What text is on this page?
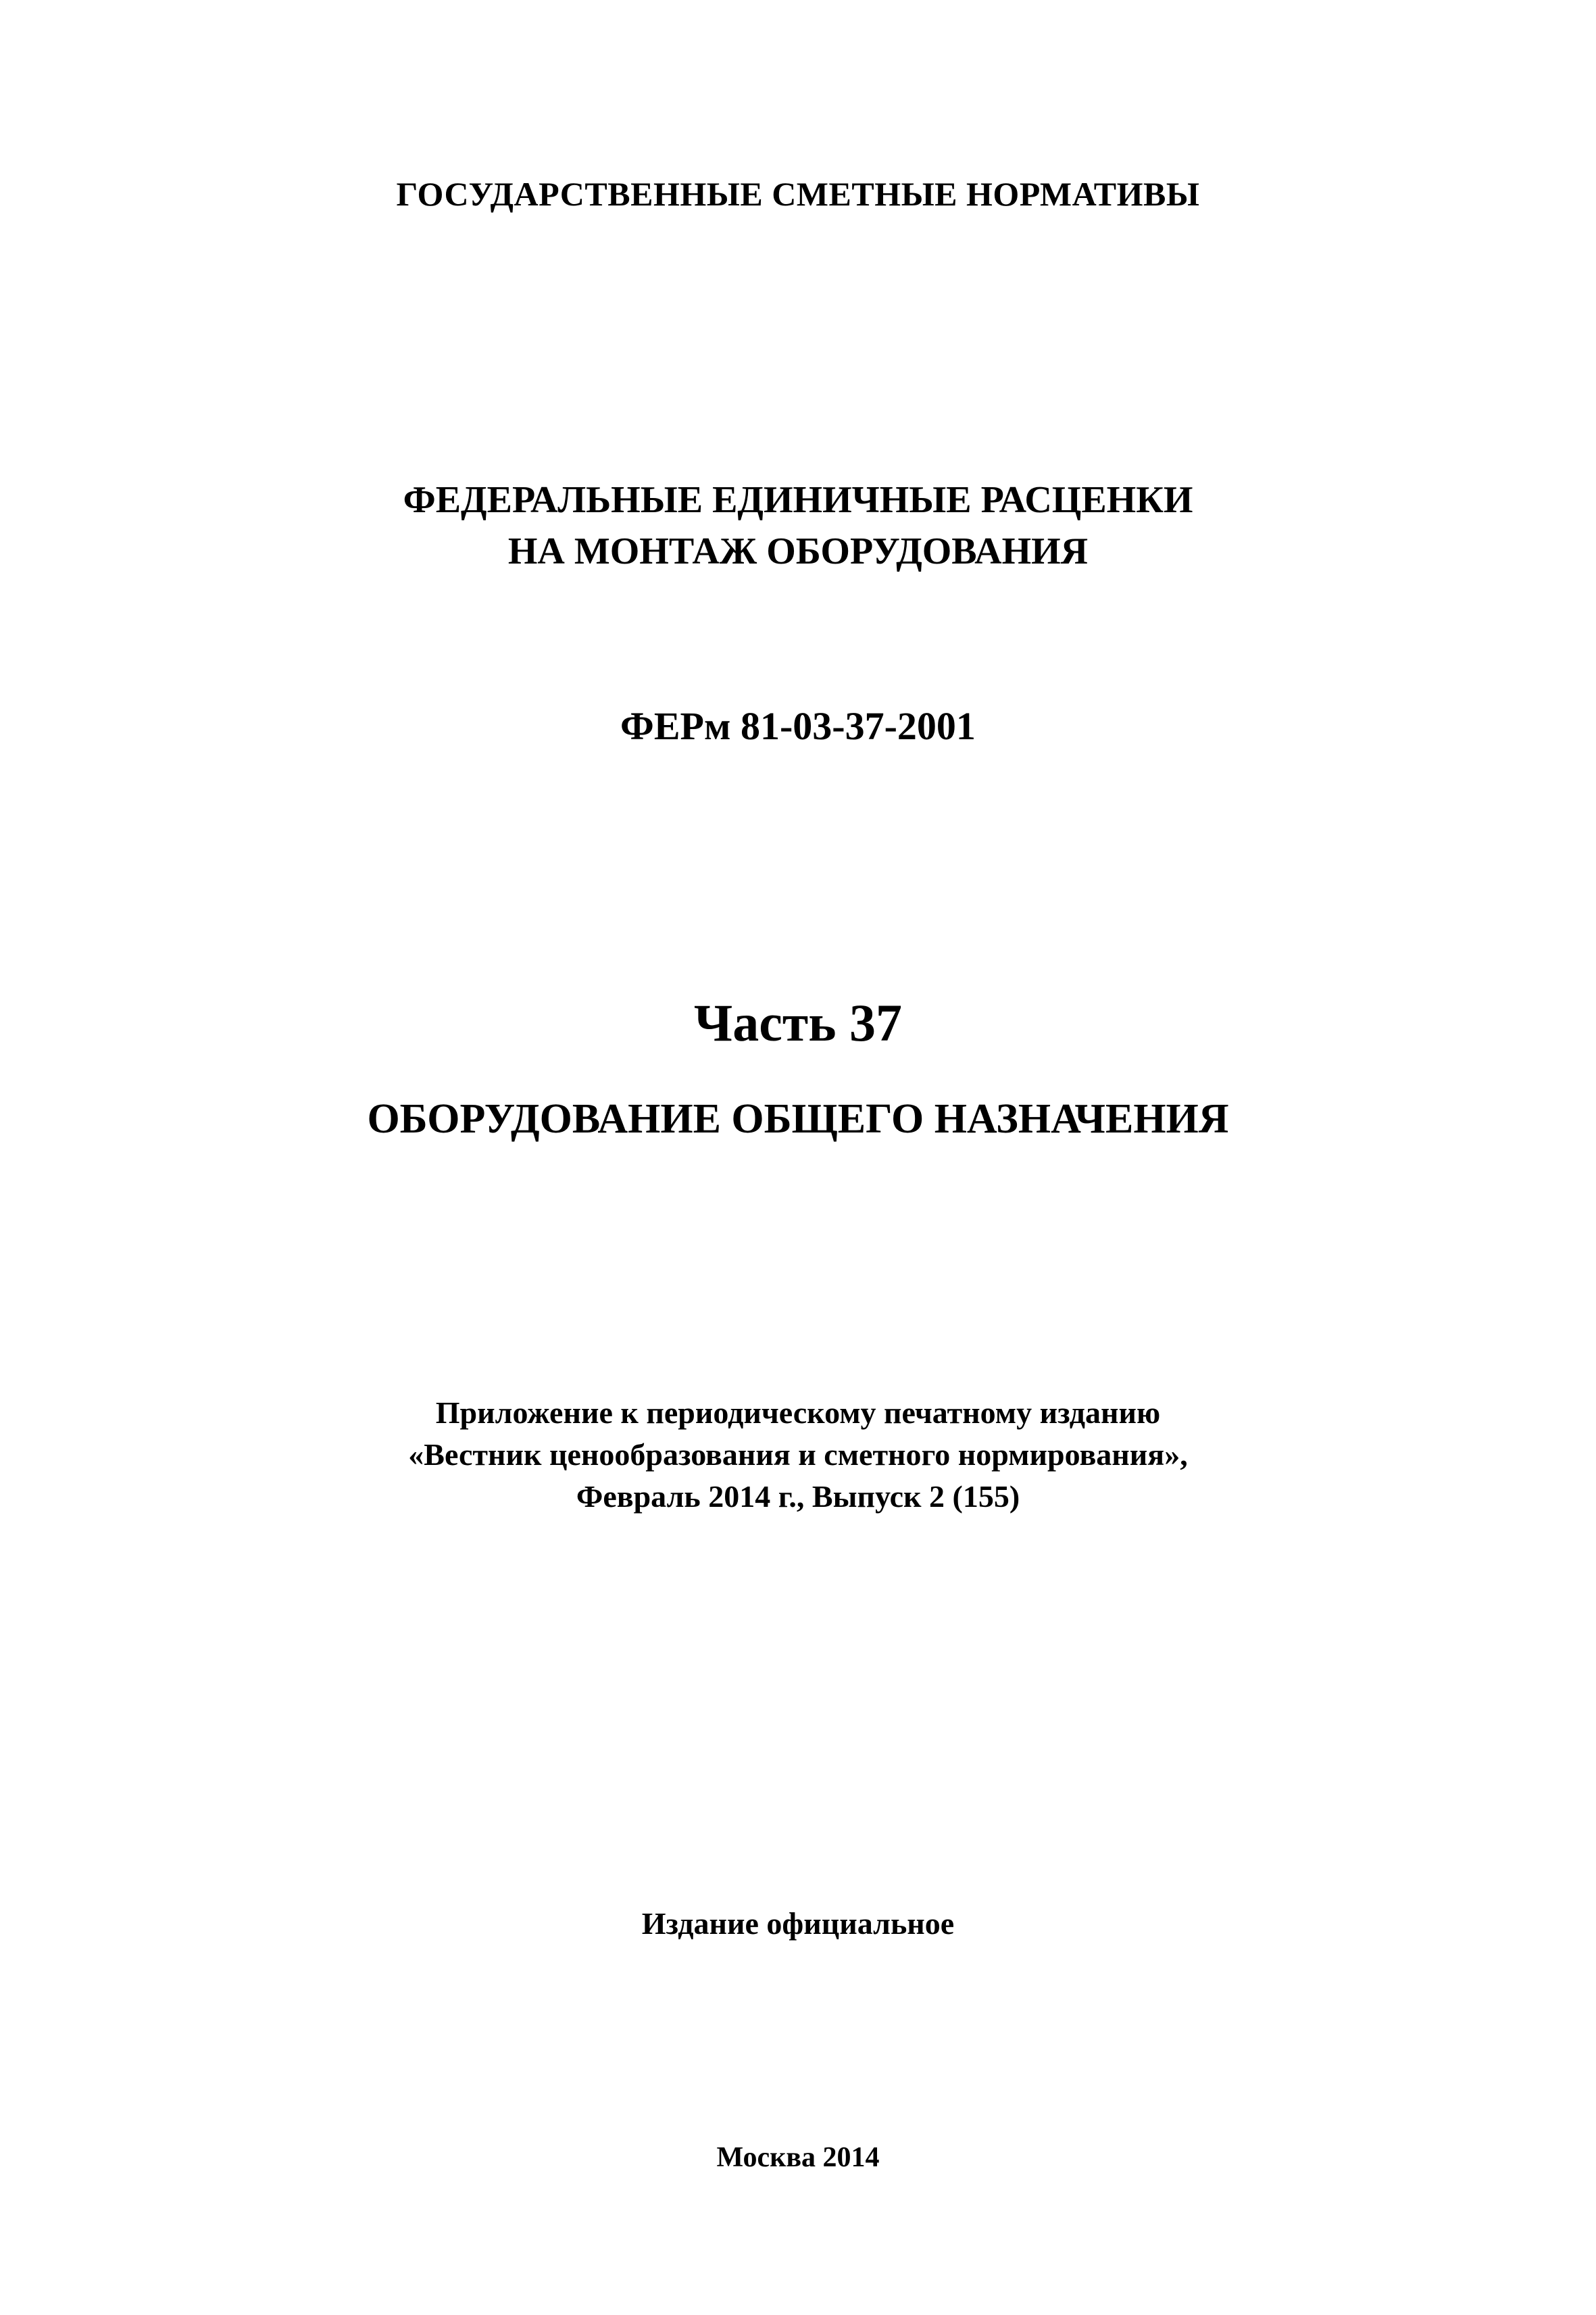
ГОСУДАРСТВЕННЫЕ СМЕТНЫЕ НОРМАТИВЫ
ФЕДЕРАЛЬНЫЕ ЕДИНИЧНЫЕ РАСЦЕНКИ
НА МОНТАЖ ОБОРУДОВАНИЯ
ФЕРм 81-03-37-2001
Часть 37
ОБОРУДОВАНИЕ ОБЩЕГО НАЗНАЧЕНИЯ
Приложение к периодическому печатному изданию
«Вестник ценообразования и сметного нормирования»,
Февраль 2014 г., Выпуск 2 (155)
Издание официальное
Москва 2014
